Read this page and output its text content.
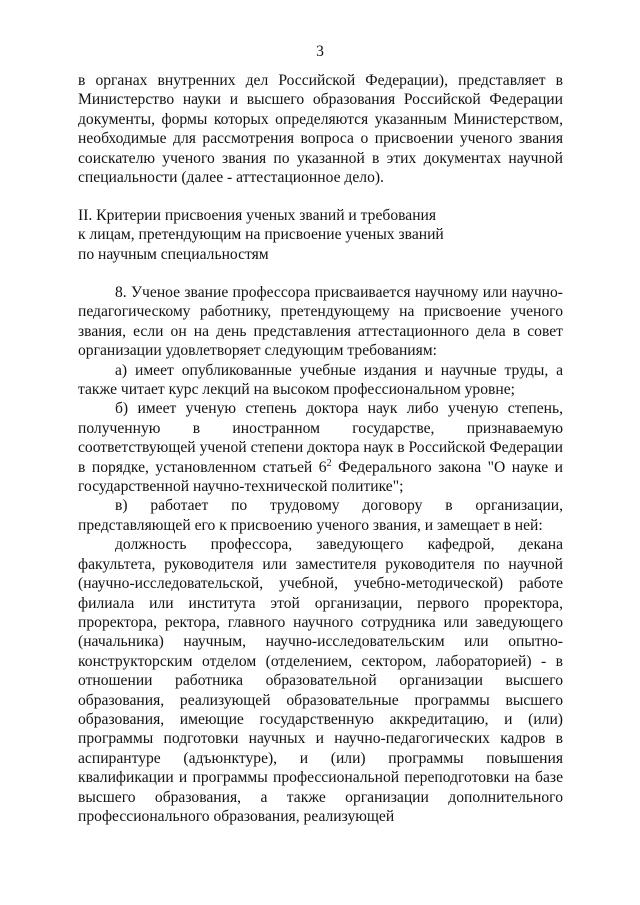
3

в органах внутренних дел Российской Федерации), представляет в Министерство науки и высшего образования Российской Федерации документы, формы которых определяются указанным Министерством, необходимые для рассмотрения вопроса о присвоении ученого звания соискателю ученого звания по указанной в этих документах научной специальности (далее - аттестационное дело).

II. Критерии присвоения ученых званий и требования

к лицам, претендующим на присвоение ученых званий

по научным специальностям

8. Ученое звание профессора присваивается научному или научно-педагогическому работнику, претендующему на присвоение ученого звания, если он на день представления аттестационного дела в совет организации удовлетворяет следующим требованиям:

а) имеет опубликованные учебные издания и научные труды, а также читает курс лекций на высоком профессиональном уровне;

б) имеет ученую степень доктора наук либо ученую степень, полученную в иностранном государстве, признаваемую соответствующей ученой степени доктора наук в Российской Федерации в порядке, установленном статьей $6^2$ Федерального закона "О науке и государственной научно-технической политике";

в) работает по трудовому договору в организации, представляющей его к присвоению ученого звания, и замещает в ней:

должность профессора, заведующего кафедрой, декана факультета, руководителя или заместителя руководителя по научной (научно-исследовательской, учебной, учебно-методической) работе филиала или института этой организации, первого проректора, проректора, ректора, главного научного сотрудника или заведующего (начальника) научным, научно-исследовательским или опытно-конструкторским отделом (отделением, сектором, лабораторией) - в отношении работника образовательной организации высшего образования, реализующей образовательные программы высшего образования, имеющие государственную аккредитацию, и (или) программы подготовки научных и научно-педагогических кадров в аспирантуре (адъюнктуре), и (или) программы повышения квалификации и программы профессиональной переподготовки на базе высшего образования, а также организации дополнительного профессионального образования, реализующей
